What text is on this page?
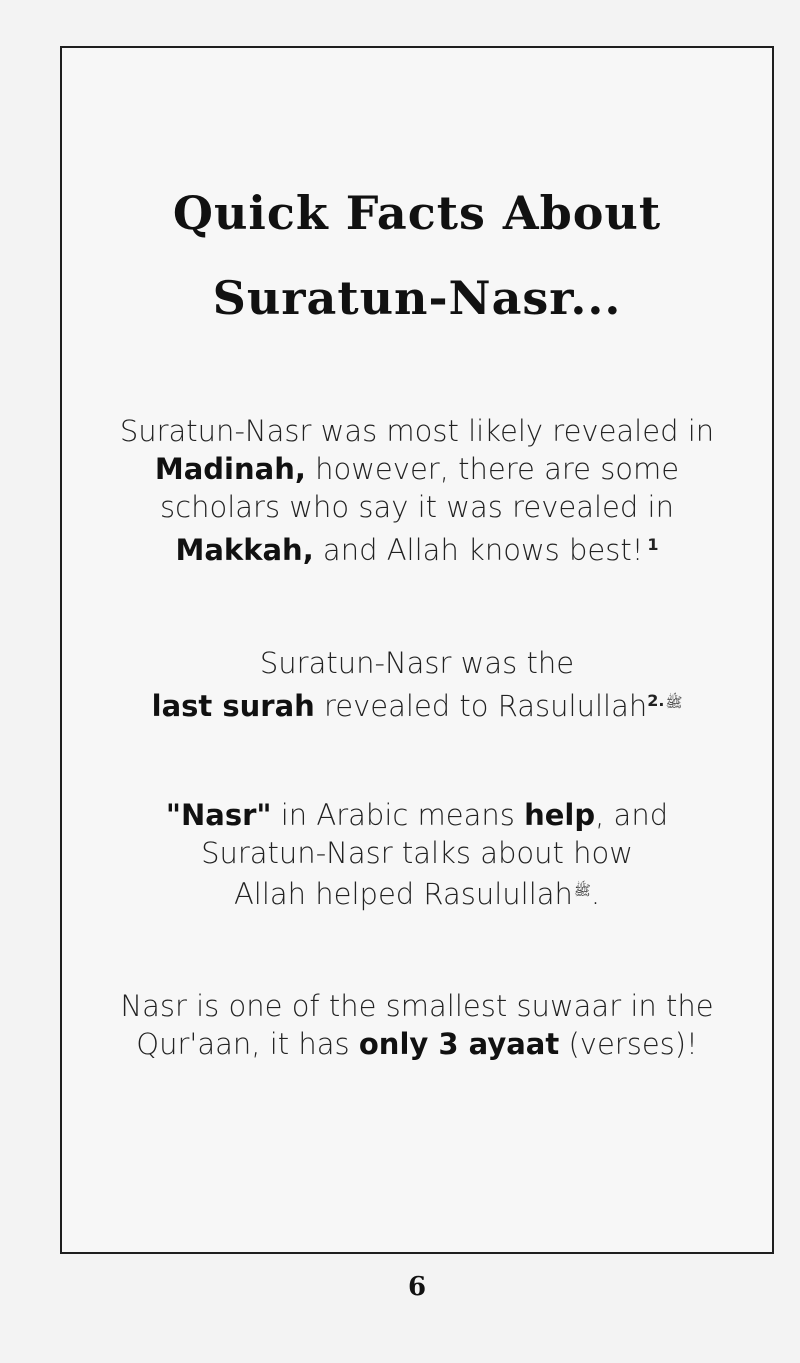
Quick Facts About
Suratun-Nasr...

Suratun-Nasr was most likely revealed in
Madinah, however, there are some
scholars who say it was revealed in
Makkah, and Allah knows best! $^1$

Suratun-Nasr was the
last surah revealed to Rasulullah $^{ﷺ.2}$

"Nasr" in Arabic means help, and
Suratun-Nasr talks about how
Allah helped Rasulullah$^ﷺ$.

Nasr is one of the smallest suwaar in the
Qur'aan, it has only 3 ayaat (verses)!

6
